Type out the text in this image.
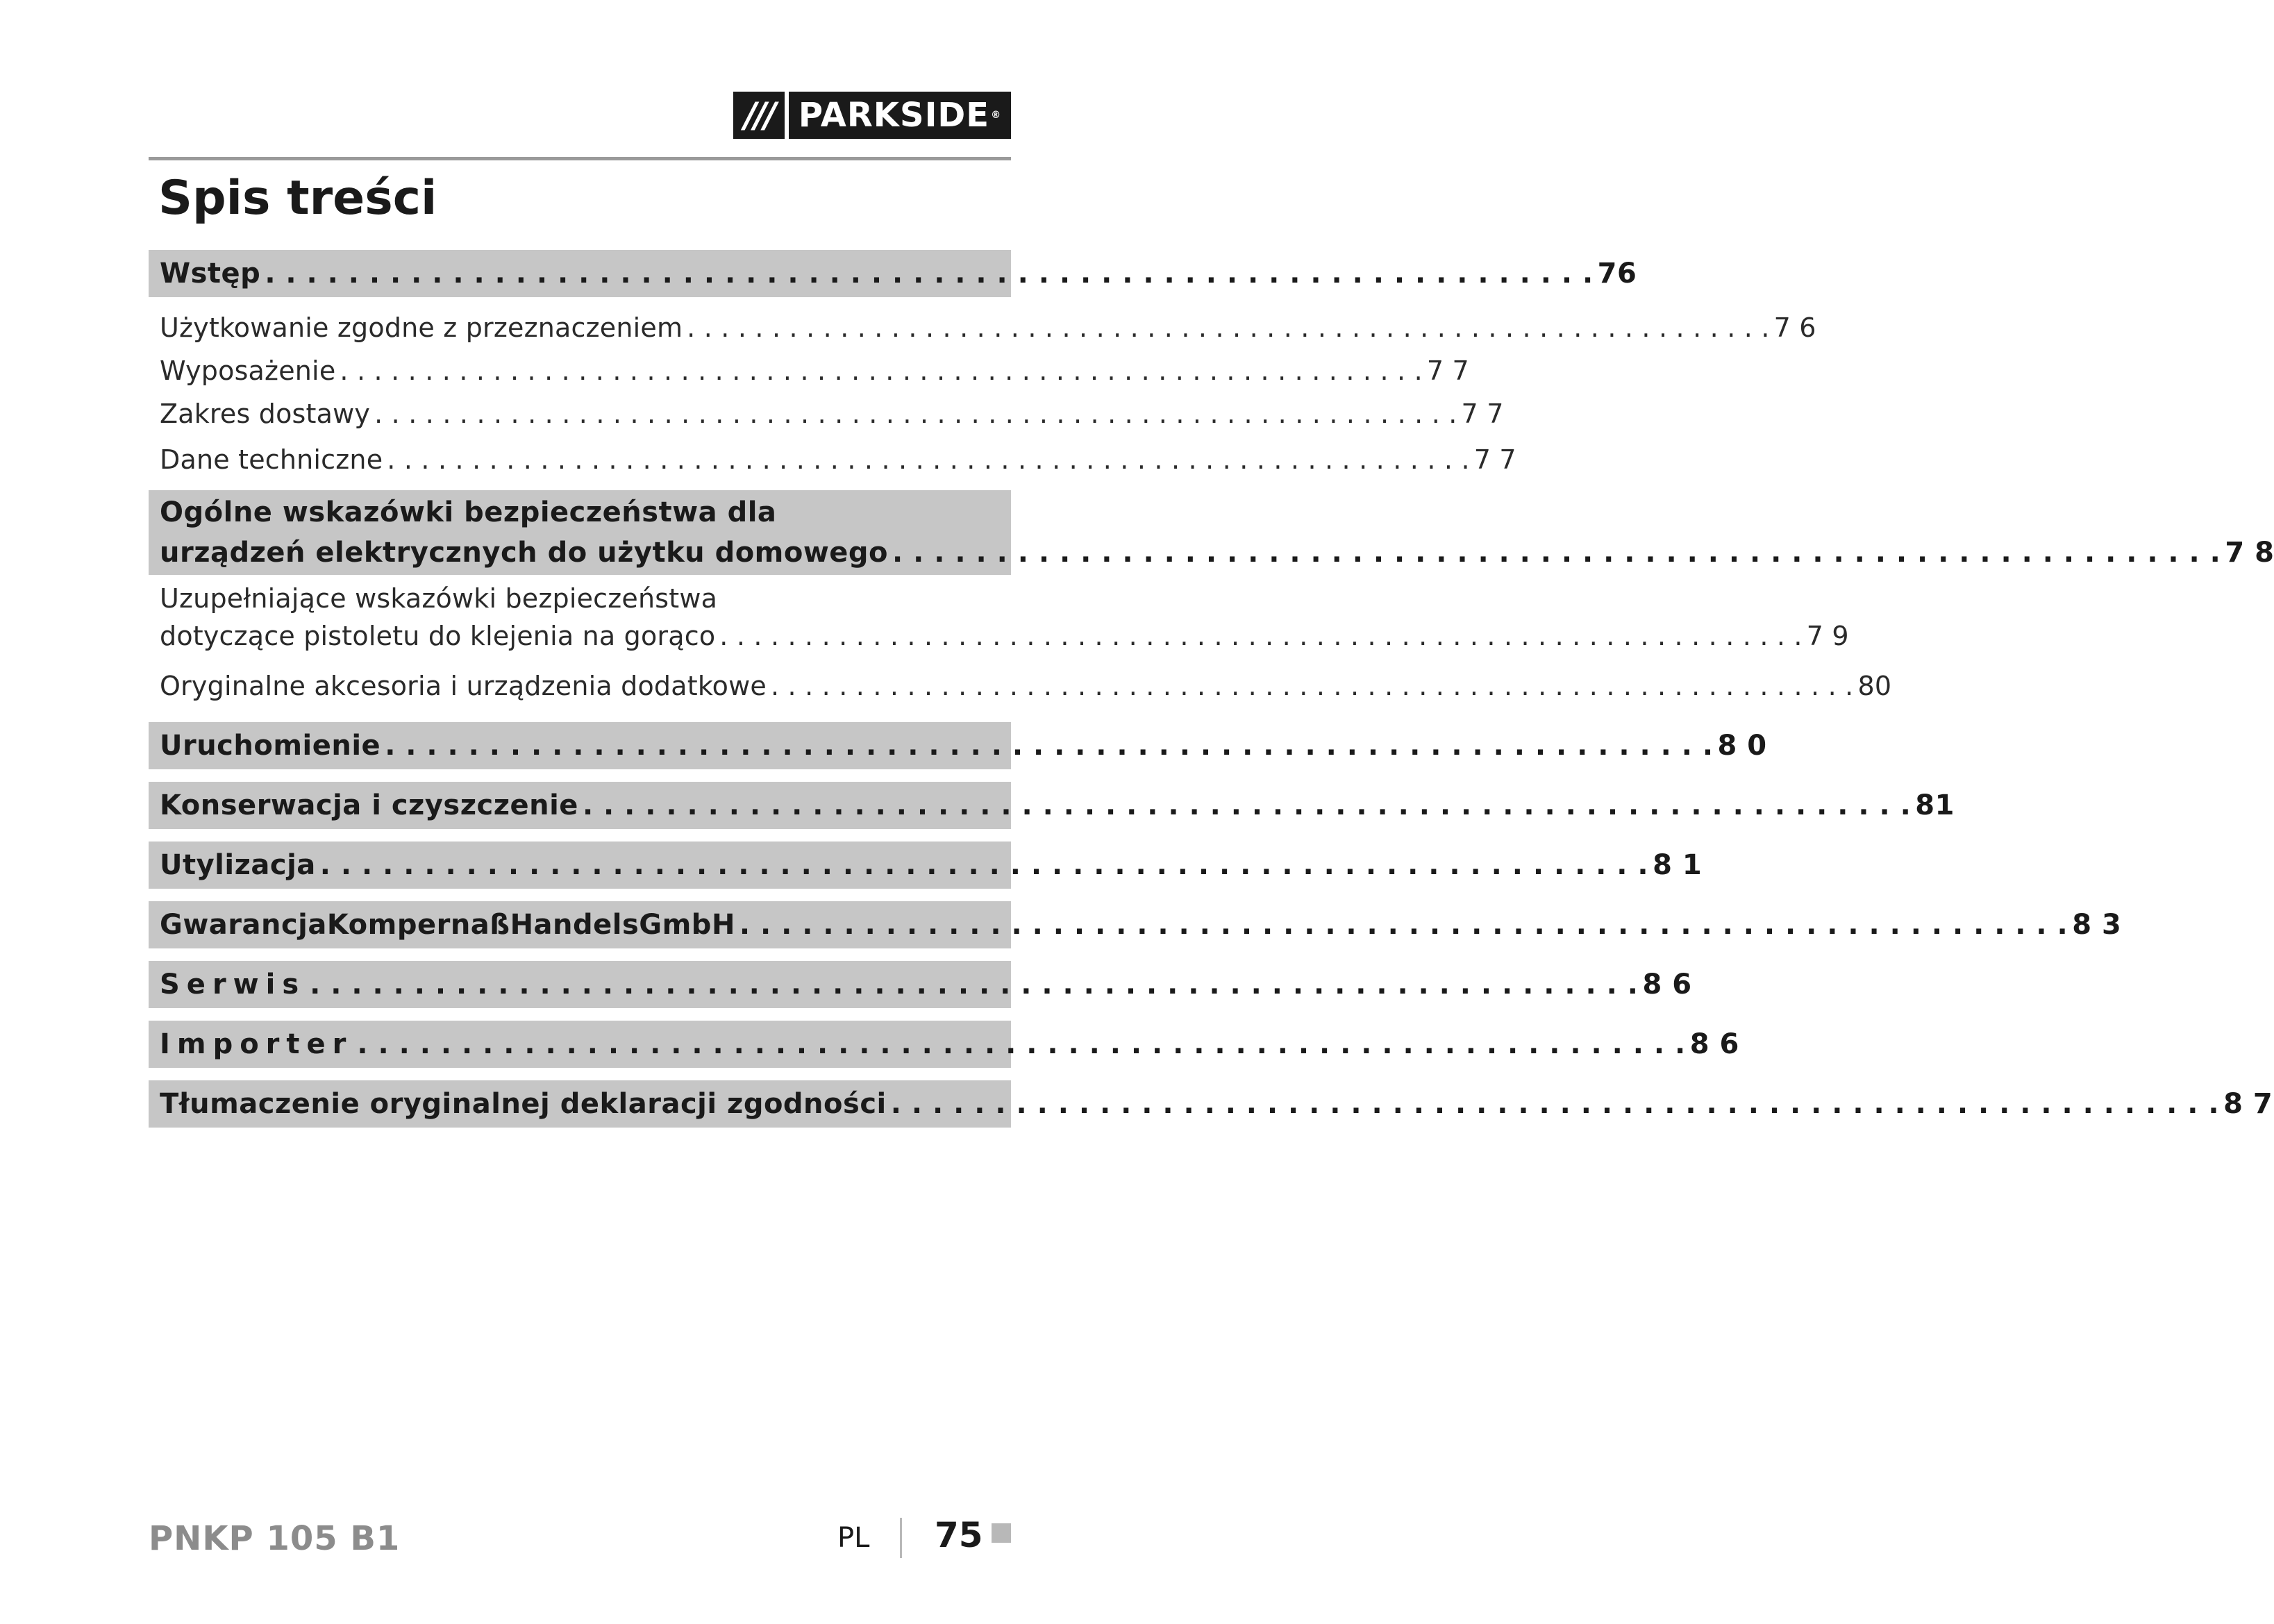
/// PARKSIDE ®
Spis treści
Wstęp . . . . . . . . . . . . . . . . . . . . . . . . . . . . . . . . . . . . . . . . . . . . . . . . . . . . . . . . . . . . . . . . 76
Użytkowanie zgodne z przeznaczeniem . . . . . . . . . . . . . . . . . . . . . . . . . . . . . . . . . . . . . . . . . . . . . . . . . . . . . . . . . . . . . . . . 7 6
Wyposażenie . . . . . . . . . . . . . . . . . . . . . . . . . . . . . . . . . . . . . . . . . . . . . . . . . . . . . . . . . . . . . . . . 7 7
Zakres dostawy . . . . . . . . . . . . . . . . . . . . . . . . . . . . . . . . . . . . . . . . . . . . . . . . . . . . . . . . . . . . . . . . 7 7
Dane techniczne . . . . . . . . . . . . . . . . . . . . . . . . . . . . . . . . . . . . . . . . . . . . . . . . . . . . . . . . . . . . . . . . 7 7
Ogólne wskazówki bezpieczeństwa dla
urządzeń elektrycznych do użytku domowego . . . . . . . . . . . . . . . . . . . . . . . . . . . . . . . . . . . . . . . . . . . . . . . . . . . . . . . . . . . . . . . . 7 8
Uzupełniające wskazówki bezpieczeństwa
dotyczące pistoletu do klejenia na gorąco . . . . . . . . . . . . . . . . . . . . . . . . . . . . . . . . . . . . . . . . . . . . . . . . . . . . . . . . . . . . . . . . 7 9
Oryginalne akcesoria i urządzenia dodatkowe . . . . . . . . . . . . . . . . . . . . . . . . . . . . . . . . . . . . . . . . . . . . . . . . . . . . . . . . . . . . . . . . 80
Uruchomienie . . . . . . . . . . . . . . . . . . . . . . . . . . . . . . . . . . . . . . . . . . . . . . . . . . . . . . . . . . . . . . . . 8 0
Konserwacja i czyszczenie . . . . . . . . . . . . . . . . . . . . . . . . . . . . . . . . . . . . . . . . . . . . . . . . . . . . . . . . . . . . . . . . 81
Utylizacja . . . . . . . . . . . . . . . . . . . . . . . . . . . . . . . . . . . . . . . . . . . . . . . . . . . . . . . . . . . . . . . . 8 1
GwarancjaKompernaßHandelsGmbH . . . . . . . . . . . . . . . . . . . . . . . . . . . . . . . . . . . . . . . . . . . . . . . . . . . . . . . . . . . . . . . . 8 3
Serwis . . . . . . . . . . . . . . . . . . . . . . . . . . . . . . . . . . . . . . . . . . . . . . . . . . . . . . . . . . . . . . . . 8 6
Importer . . . . . . . . . . . . . . . . . . . . . . . . . . . . . . . . . . . . . . . . . . . . . . . . . . . . . . . . . . . . . . . . 8 6
Tłumaczenie oryginalnej deklaracji zgodności . . . . . . . . . . . . . . . . . . . . . . . . . . . . . . . . . . . . . . . . . . . . . . . . . . . . . . . . . . . . . . . . 8 7
PNKP 105 B1	PL 75
